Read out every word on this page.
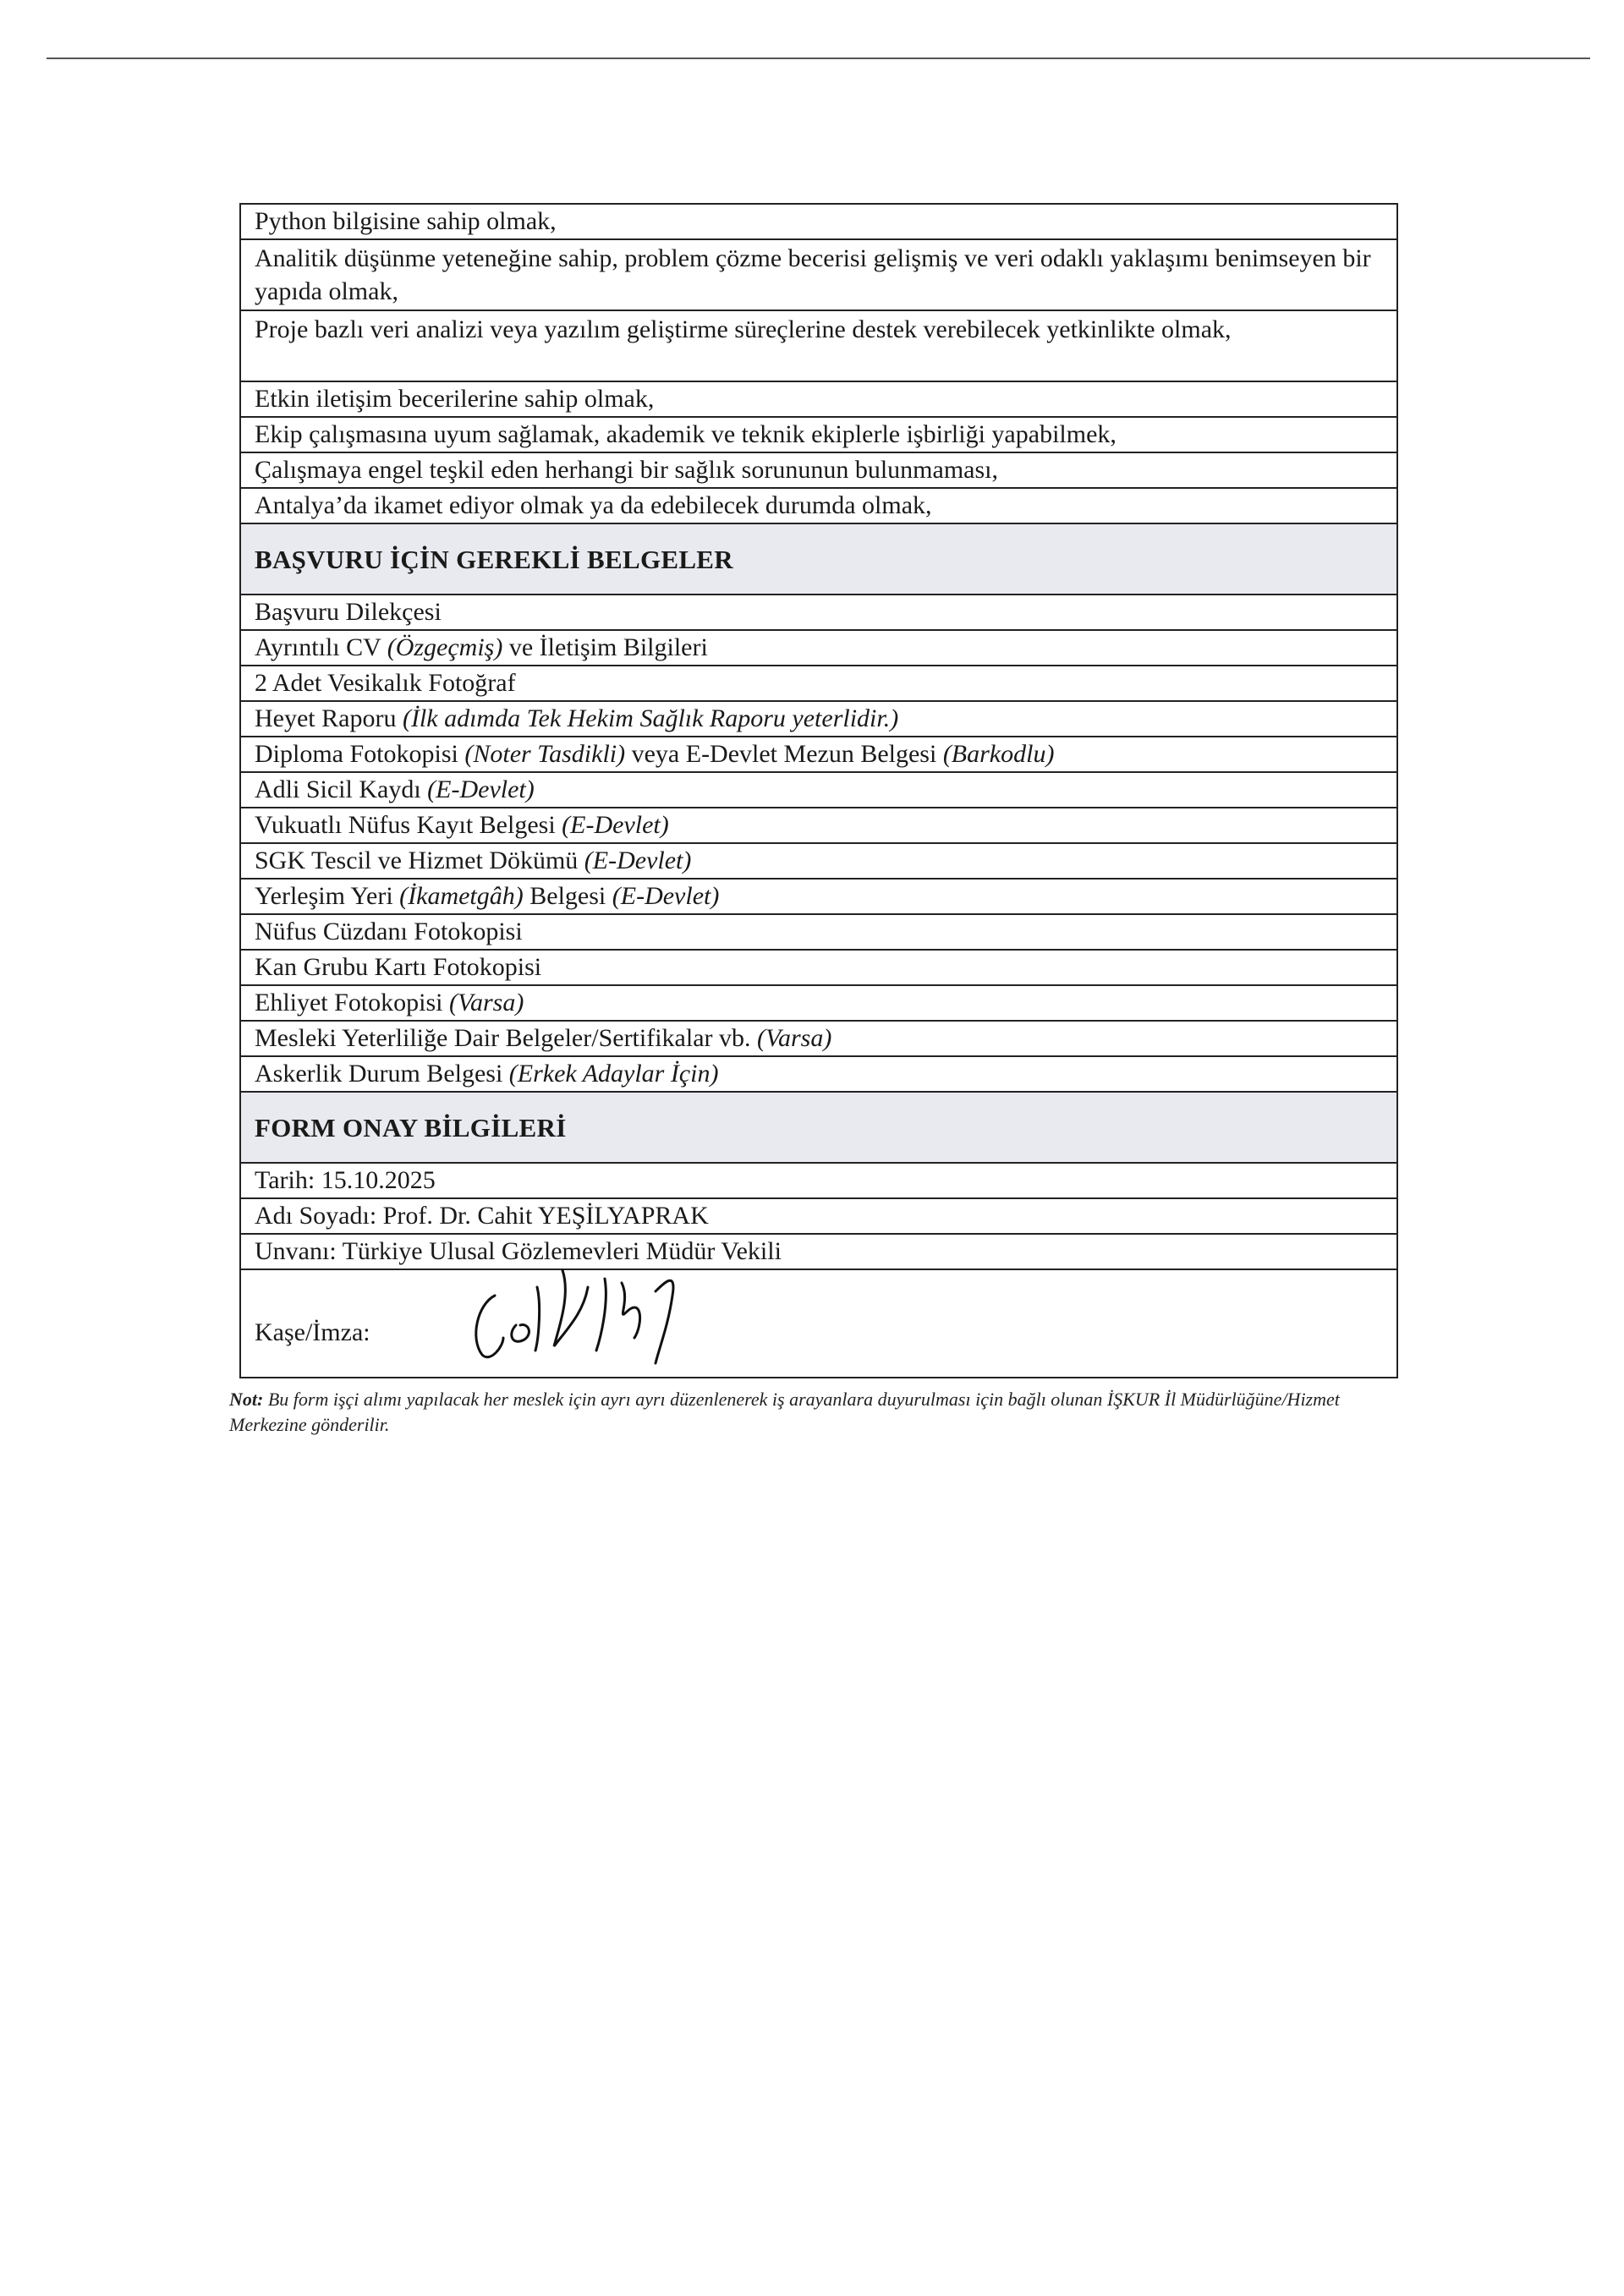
Python bilgisine sahip olmak,
Analitik düşünme yeteneğine sahip, problem çözme becerisi gelişmiş ve veri odaklı yaklaşımı benimseyen bir yapıda olmak,
Proje bazlı veri analizi veya yazılım geliştirme süreçlerine destek verebilecek yetkinlikte olmak,
Etkin iletişim becerilerine sahip olmak,
Ekip çalışmasına uyum sağlamak, akademik ve teknik ekiplerle işbirliği yapabilmek,
Çalışmaya engel teşkil eden herhangi bir sağlık sorununun bulunmaması,
Antalya’da ikamet ediyor olmak ya da edebilecek durumda olmak,
BAŞVURU İÇİN GEREKLİ BELGELER
Başvuru Dilekçesi
Ayrıntılı CV (Özgeçmiş) ve İletişim Bilgileri
2 Adet Vesikalık Fotoğraf
Heyet Raporu (İlk adımda Tek Hekim Sağlık Raporu yeterlidir.)
Diploma Fotokopisi (Noter Tasdikli) veya E-Devlet Mezun Belgesi (Barkodlu)
Adli Sicil Kaydı (E-Devlet)
Vukuatlı Nüfus Kayıt Belgesi (E-Devlet)
SGK Tescil ve Hizmet Dökümü (E-Devlet)
Yerleşim Yeri (İkametgâh) Belgesi (E-Devlet)
Nüfus Cüzdanı Fotokopisi
Kan Grubu Kartı Fotokopisi
Ehliyet Fotokopisi (Varsa)
Mesleki Yeterliliğe Dair Belgeler/Sertifikalar vb. (Varsa)
Askerlik Durum Belgesi (Erkek Adaylar İçin)
FORM ONAY BİLGİLERİ
Tarih: 15.10.2025
Adı Soyadı: Prof. Dr. Cahit YEŞİLYAPRAK
Unvanı: Türkiye Ulusal Gözlemevleri Müdür Vekili
Kaşe/İmza:
Not: Bu form işçi alımı yapılacak her meslek için ayrı ayrı düzenlenerek iş arayanlara duyurulması için bağlı olunan İŞKUR İl Müdürlüğüne/Hizmet Merkezine gönderilir.
